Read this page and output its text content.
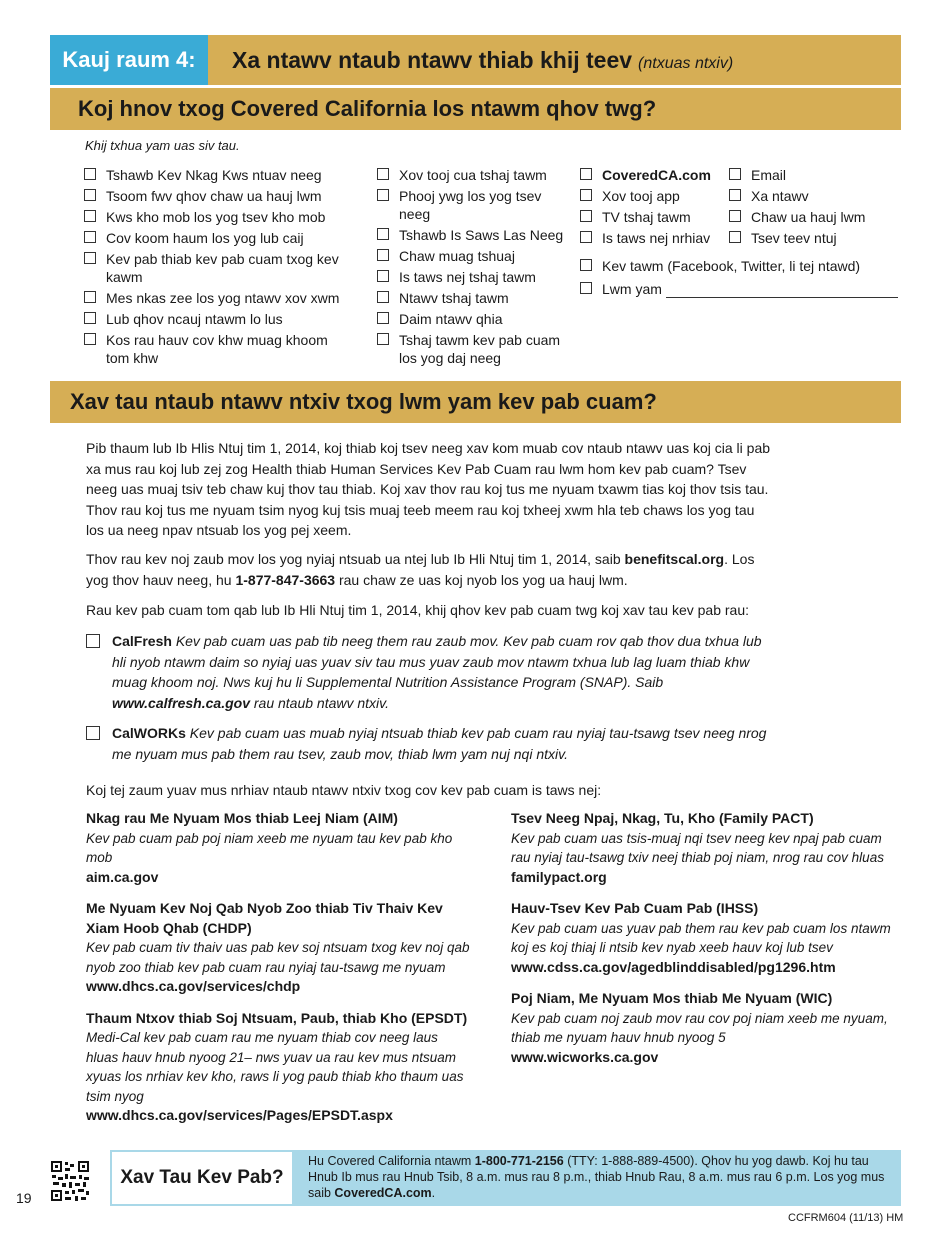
Kauj raum 4:	Xa ntawv ntaub ntawv thiab khij teev (ntxuas ntxiv)
Koj hnov txog Covered California los ntawm qhov twg?
Khij txhua yam uas siv tau.
Tshawb Kev Nkag Kws ntuav neeg
Tsoom fwv qhov chaw ua hauj lwm
Kws kho mob los yog tsev kho mob
Cov koom haum los yog lub caij
Kev pab thiab kev pab cuam txog kev kawm
Mes nkas zee los yog ntawv xov xwm
Lub qhov ncauj ntawm lo lus
Kos rau hauv cov khw muag khoom tom khw
Xov tooj cua tshaj tawm
Phooj ywg los yog tsev neeg
Tshawb Is Saws Las Neeg
Chaw muag tshuaj
Is taws nej tshaj tawm
Ntawv tshaj tawm
Daim ntawv qhia
Tshaj tawm kev pab cuam los yog daj neeg
CoveredCA.com
Xov tooj app
TV tshaj tawm
Is taws nej nrhiav
Email
Xa ntawv
Chaw ua hauj lwm
Tsev teev ntuj
Kev tawm (Facebook, Twitter, li tej ntawd)
Lwm yam
Xav tau ntaub ntawv ntxiv txog lwm yam kev pab cuam?
Pib thaum lub Ib Hlis Ntuj tim 1, 2014, koj thiab koj tsev neeg xav kom muab cov ntaub ntawv uas koj cia li pab xa mus rau koj lub zej zog Health thiab Human Services Kev Pab Cuam rau lwm hom kev pab cuam? Tsev neeg uas muaj tsiv teb chaw kuj thov tau thiab. Koj xav thov rau koj tus me nyuam txawm tias koj thov tsis tau. Thov rau koj tus me nyuam tsim nyog kuj tsis muaj teeb meem rau koj txheej xwm hla teb chaws los yog tau los ua neeg npav ntsuab los yog pej xeem.
Thov rau kev noj zaub mov los yog nyiaj ntsuab ua ntej lub Ib Hli Ntuj tim 1, 2014, saib benefitscal.org. Los yog thov hauv neeg, hu 1-877-847-3663 rau chaw ze uas koj nyob los yog ua hauj lwm.
Rau kev pab cuam tom qab lub Ib Hli Ntuj tim 1, 2014, khij qhov kev pab cuam twg koj xav tau kev pab rau:
CalFresh Kev pab cuam uas pab tib neeg them rau zaub mov. Kev pab cuam rov qab thov dua txhua lub hli nyob ntawm daim so nyiaj uas yuav siv tau mus yuav zaub mov ntawm txhua lub lag luam thiab khw muag khoom noj. Nws kuj hu li Supplemental Nutrition Assistance Program (SNAP). Saib www.calfresh.ca.gov rau ntaub ntawv ntxiv.
CalWORKs Kev pab cuam uas muab nyiaj ntsuab thiab kev pab cuam rau nyiaj tau-tsawg tsev neeg nrog me nyuam mus pab them rau tsev, zaub mov, thiab lwm yam nuj nqi ntxiv.
Koj tej zaum yuav mus nrhiav ntaub ntawv ntxiv txog cov kev pab cuam is taws nej:
Nkag rau Me Nyuam Mos thiab Leej Niam (AIM)
Kev pab cuam pab poj niam xeeb me nyuam tau kev pab kho mob
aim.ca.gov
Me Nyuam Kev Noj Qab Nyob Zoo thiab Tiv Thaiv Kev Xiam Hoob Qhab (CHDP)
Kev pab cuam tiv thaiv uas pab kev soj ntsuam txog kev noj qab nyob zoo thiab kev pab cuam rau nyiaj tau-tsawg me nyuam
www.dhcs.ca.gov/services/chdp
Thaum Ntxov thiab Soj Ntsuam, Paub, thiab Kho (EPSDT)
Medi-Cal kev pab cuam rau me nyuam thiab cov neeg laus hluas hauv hnub nyoog 21– nws yuav ua rau kev mus ntsuam xyuas los nrhiav kev kho, raws li yog paub thiab kho thaum uas tsim nyog
www.dhcs.ca.gov/services/Pages/EPSDT.aspx
Tsev Neeg Npaj, Nkag, Tu, Kho (Family PACT)
Kev pab cuam uas tsis-muaj nqi tsev neeg kev npaj pab cuam rau nyiaj tau-tsawg txiv neej thiab poj niam, nrog rau cov hluas
familypact.org
Hauv-Tsev Kev Pab Cuam Pab (IHSS)
Kev pab cuam uas yuav pab them rau kev pab cuam los ntawm koj es koj thiaj li ntsib kev nyab xeeb hauv koj lub tsev
www.cdss.ca.gov/agedblinddisabled/pg1296.htm
Poj Niam, Me Nyuam Mos thiab Me Nyuam (WIC)
Kev pab cuam noj zaub mov rau cov poj niam xeeb me nyuam, thiab me nyuam hauv hnub nyoog 5
www.wicworks.ca.gov
19
Xav Tau Kev Pab?
Hu Covered California ntawm 1-800-771-2156 (TTY: 1-888-889-4500). Qhov hu yog dawb. Koj hu tau Hnub Ib mus rau Hnub Tsib, 8 a.m. mus rau 8 p.m., thiab Hnub Rau, 8 a.m. mus rau 6 p.m. Los yog mus saib CoveredCA.com.
CCFRM604 (11/13) HM
